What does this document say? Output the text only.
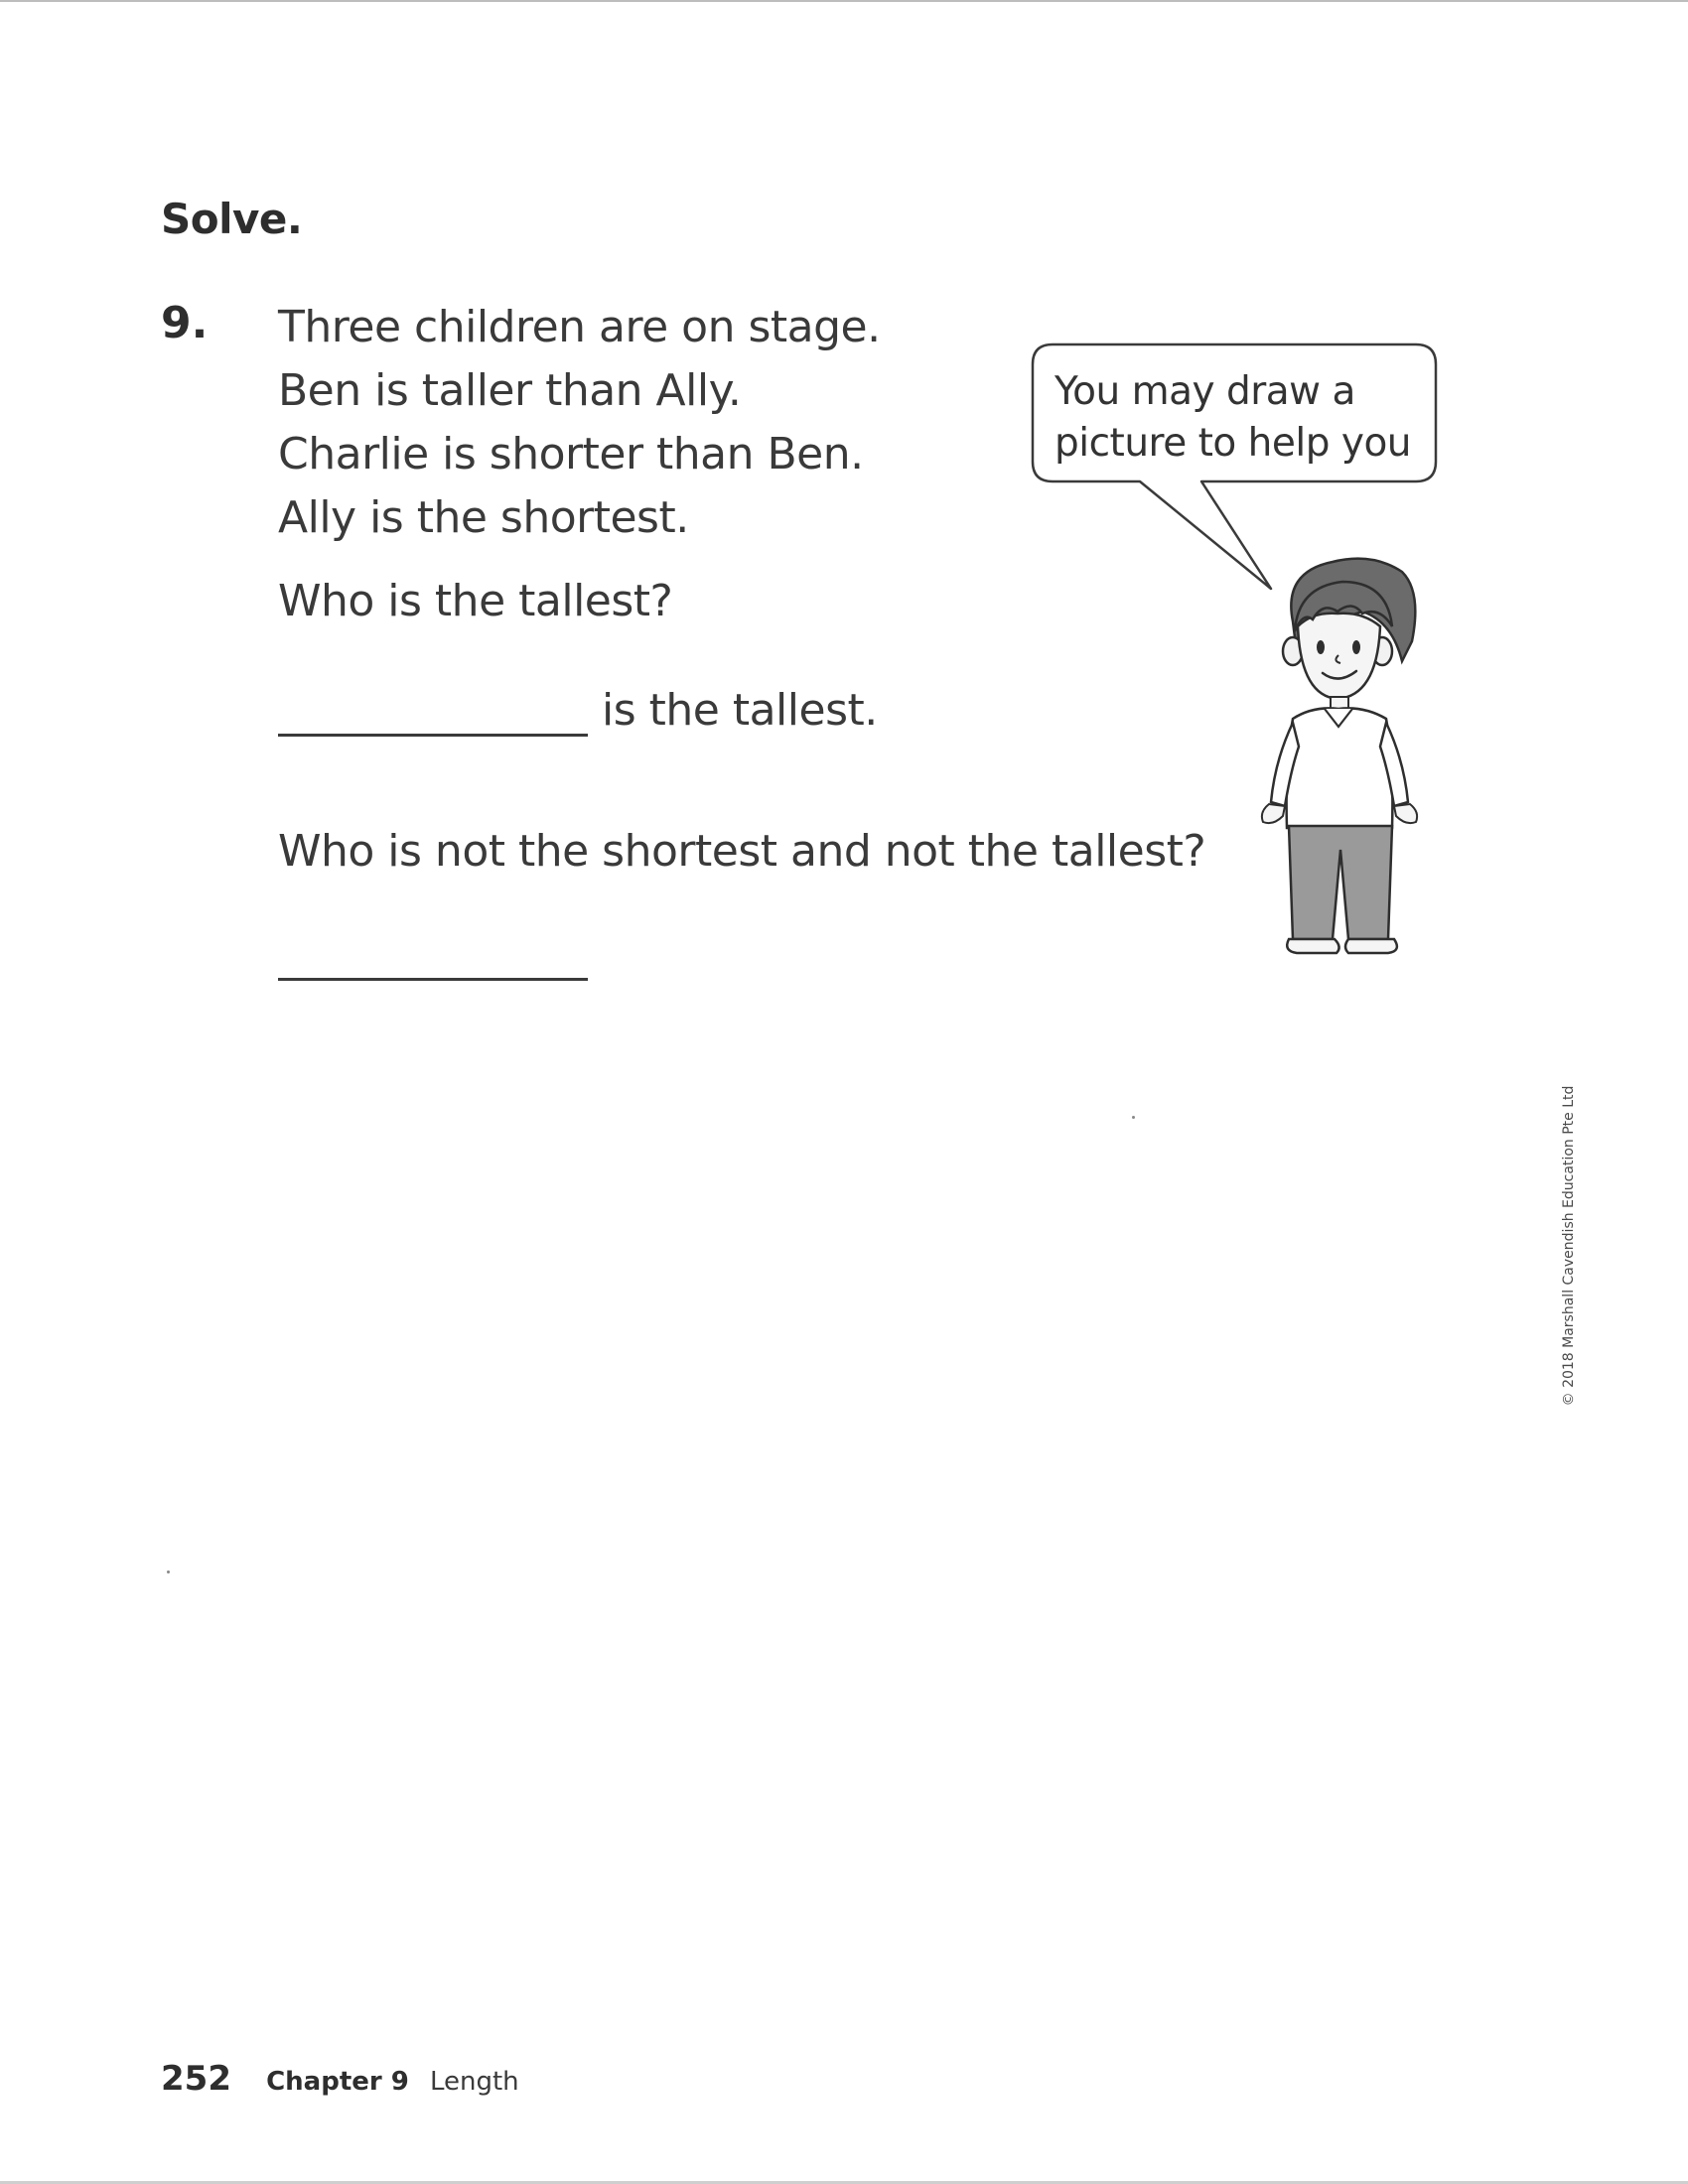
Solve.
9. Three children are on stage.
Ben is taller than Ally.
Charlie is shorter than Ben.
Ally is the shortest.
Who is the tallest?
is the tallest.
Who is not the shortest and not the tallest?
You may draw a
picture to help you
© 2018 Marshall Cavendish Education Pte Ltd
252 Chapter 9 Length
